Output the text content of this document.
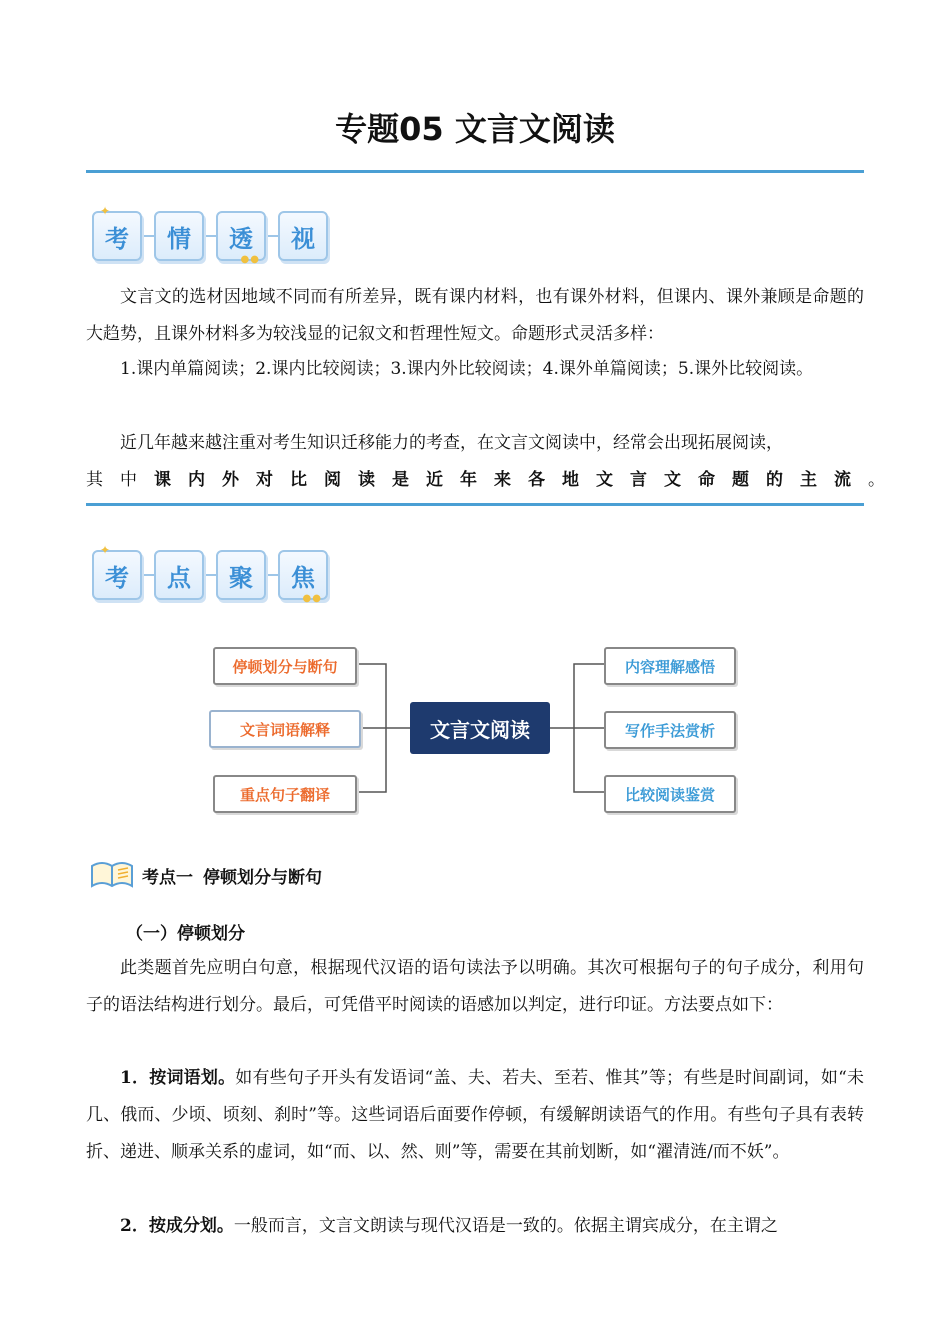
专题05 文言文阅读
✦
考 情 透
●●
视

文言文的选材因地域不同而有所差异，既有课内材料，也有课外材料，但课内、课外兼顾是命题的大趋势，且课外材料多为较浅显的记叙文和哲理性短文。命题形式灵活多样：

1.课内单篇阅读；2.课内比较阅读；3.课内外比较阅读；4.课外单篇阅读；5.课外比较阅读。

近几年越来越注重对考生知识迁移能力的考查，在文言文阅读中，经常会出现拓展阅读，

其中课内外对比阅读是近年来各地文言文命题的主流。

✦
考 点 聚 焦
●●
停顿划分与断句
文言词语解释
重点句子翻译
文言文阅读
内容理解感悟
写作手法赏析
比较阅读鉴赏
考点一 停顿划分与断句
（一）停顿划分

此类题首先应明白句意，根据现代汉语的语句读法予以明确。其次可根据句子的句子成分，利用句子的语法结构进行划分。最后，可凭借平时阅读的语感加以判定，进行印证。方法要点如下：

1．按词语划。如有些句子开头有发语词“盖、夫、若夫、至若、惟其”等；有些是时间副词，如“未几、俄而、少顷、顷刻、刹时”等。这些词语后面要作停顿，有缓解朗读语气的作用。有些句子具有表转折、递进、顺承关系的虚词，如“而、以、然、则”等，需要在其前划断，如“濯清涟/而不妖”。

2．按成分划。一般而言，文言文朗读与现代汉语是一致的。依据主谓宾成分，在主谓之
